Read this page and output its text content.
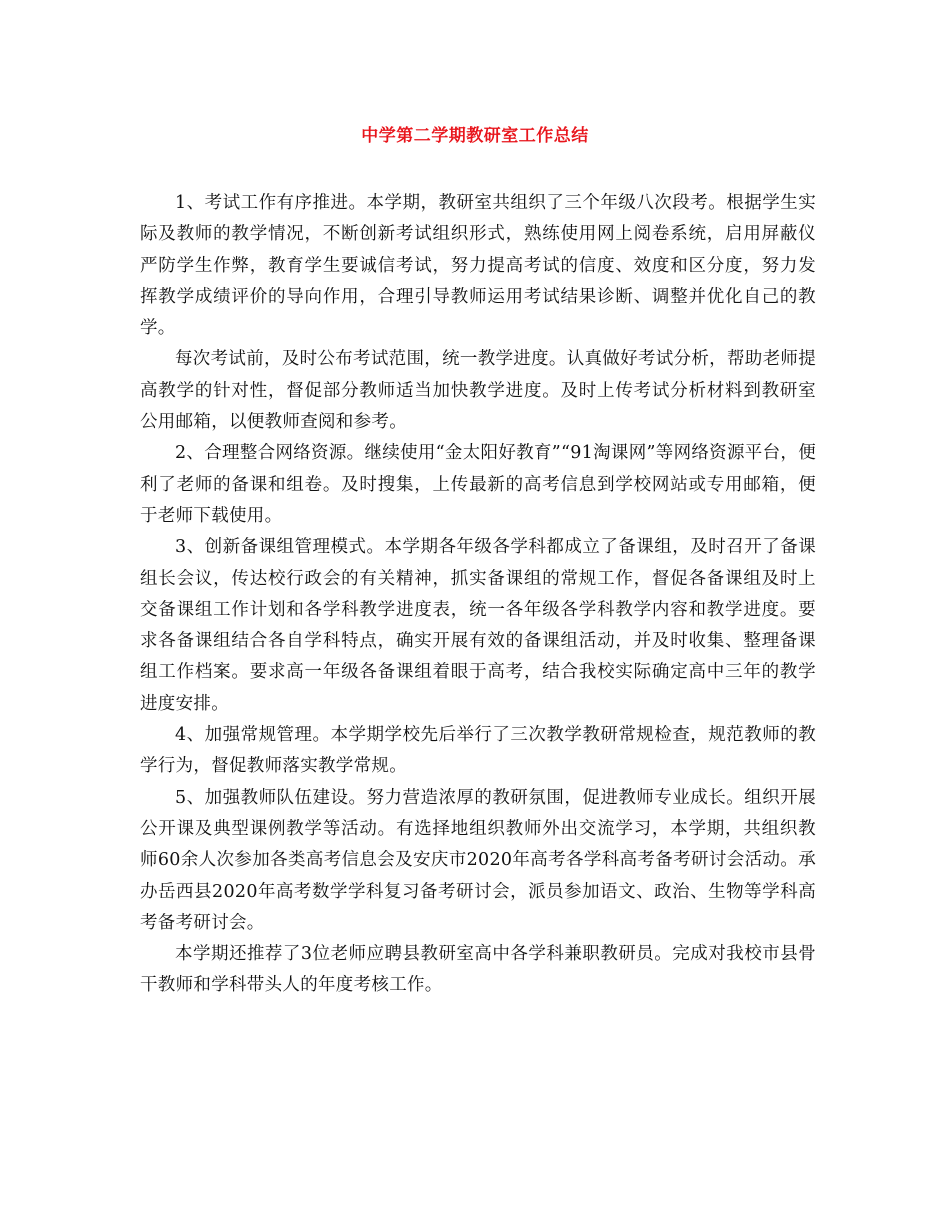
中学第二学期教研室工作总结

1、考试工作有序推进。本学期，教研室共组织了三个年级八次段考。根据学生实际及教师的教学情况，不断创新考试组织形式，熟练使用网上阅卷系统，启用屏蔽仪严防学生作弊，教育学生要诚信考试，努力提高考试的信度、效度和区分度，努力发挥教学成绩评价的导向作用，合理引导教师运用考试结果诊断、调整并优化自己的教学。

每次考试前，及时公布考试范围，统一教学进度。认真做好考试分析，帮助老师提高教学的针对性，督促部分教师适当加快教学进度。及时上传考试分析材料到教研室公用邮箱，以便教师查阅和参考。

2、合理整合网络资源。继续使用“金太阳好教育”“91淘课网”等网络资源平台，便利了老师的备课和组卷。及时搜集，上传最新的高考信息到学校网站或专用邮箱，便于老师下载使用。

3、创新备课组管理模式。本学期各年级各学科都成立了备课组，及时召开了备课组长会议，传达校行政会的有关精神，抓实备课组的常规工作，督促各备课组及时上交备课组工作计划和各学科教学进度表，统一各年级各学科教学内容和教学进度。要求各备课组结合各自学科特点，确实开展有效的备课组活动，并及时收集、整理备课组工作档案。要求高一年级各备课组着眼于高考，结合我校实际确定高中三年的教学进度安排。

4、加强常规管理。本学期学校先后举行了三次教学教研常规检查，规范教师的教学行为，督促教师落实教学常规。

5、加强教师队伍建设。努力营造浓厚的教研氛围，促进教师专业成长。组织开展公开课及典型课例教学等活动。有选择地组织教师外出交流学习，本学期，共组织教师60余人次参加各类高考信息会及安庆市2020年高考各学科高考备考研讨会活动。承办岳西县2020年高考数学学科复习备考研讨会，派员参加语文、政治、生物等学科高考备考研讨会。

本学期还推荐了3位老师应聘县教研室高中各学科兼职教研员。完成对我校市县骨干教师和学科带头人的年度考核工作。
